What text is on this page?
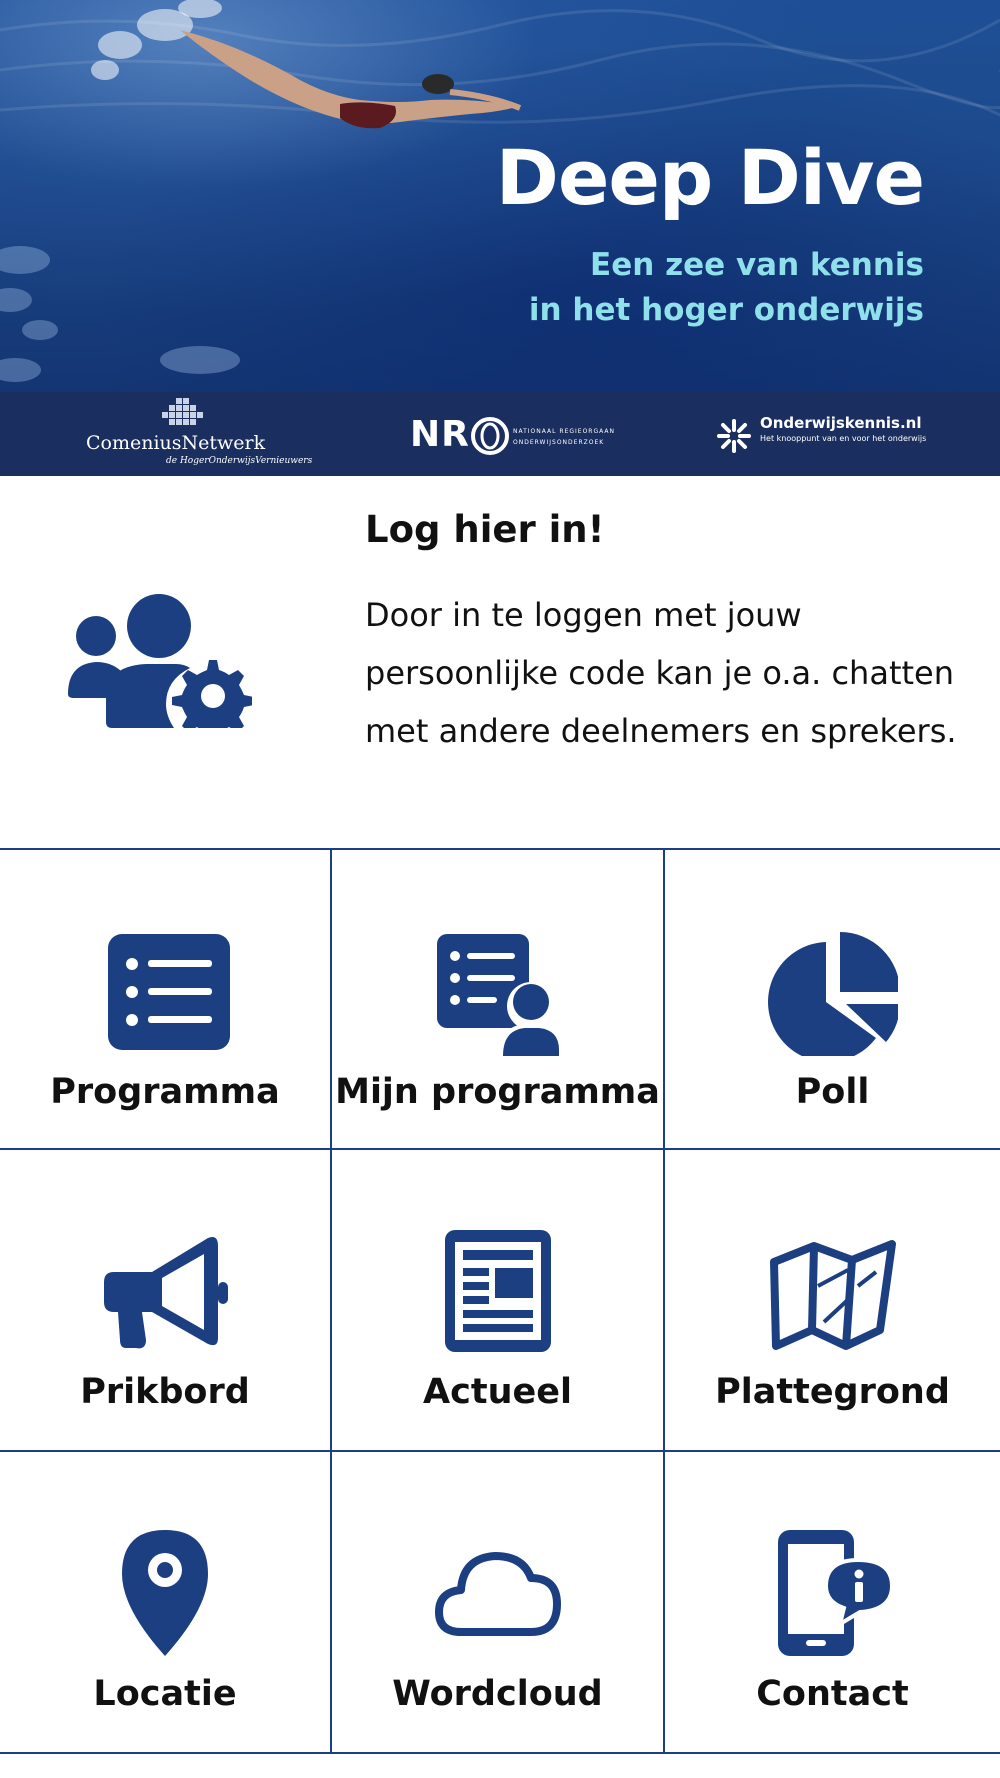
Deep Dive
Een zee van kennis
in het hoger onderwijs
ComeniusNetwerk
de HogerOnderwijsVernieuwers
NR	NATIONAAL REGIEORGAAN
ONDERWIJSONDERZOEK
Onderwijskennis.nl
Het knooppunt van en voor het onderwijs
Log hier in!
Door in te loggen met jouw
persoonlijke code kan je o.a. chatten
met andere deelnemers en sprekers.
Programma	Mijn programma	Poll
Prikbord	Actueel	Plattegrond
Locatie	Wordcloud	Contact
